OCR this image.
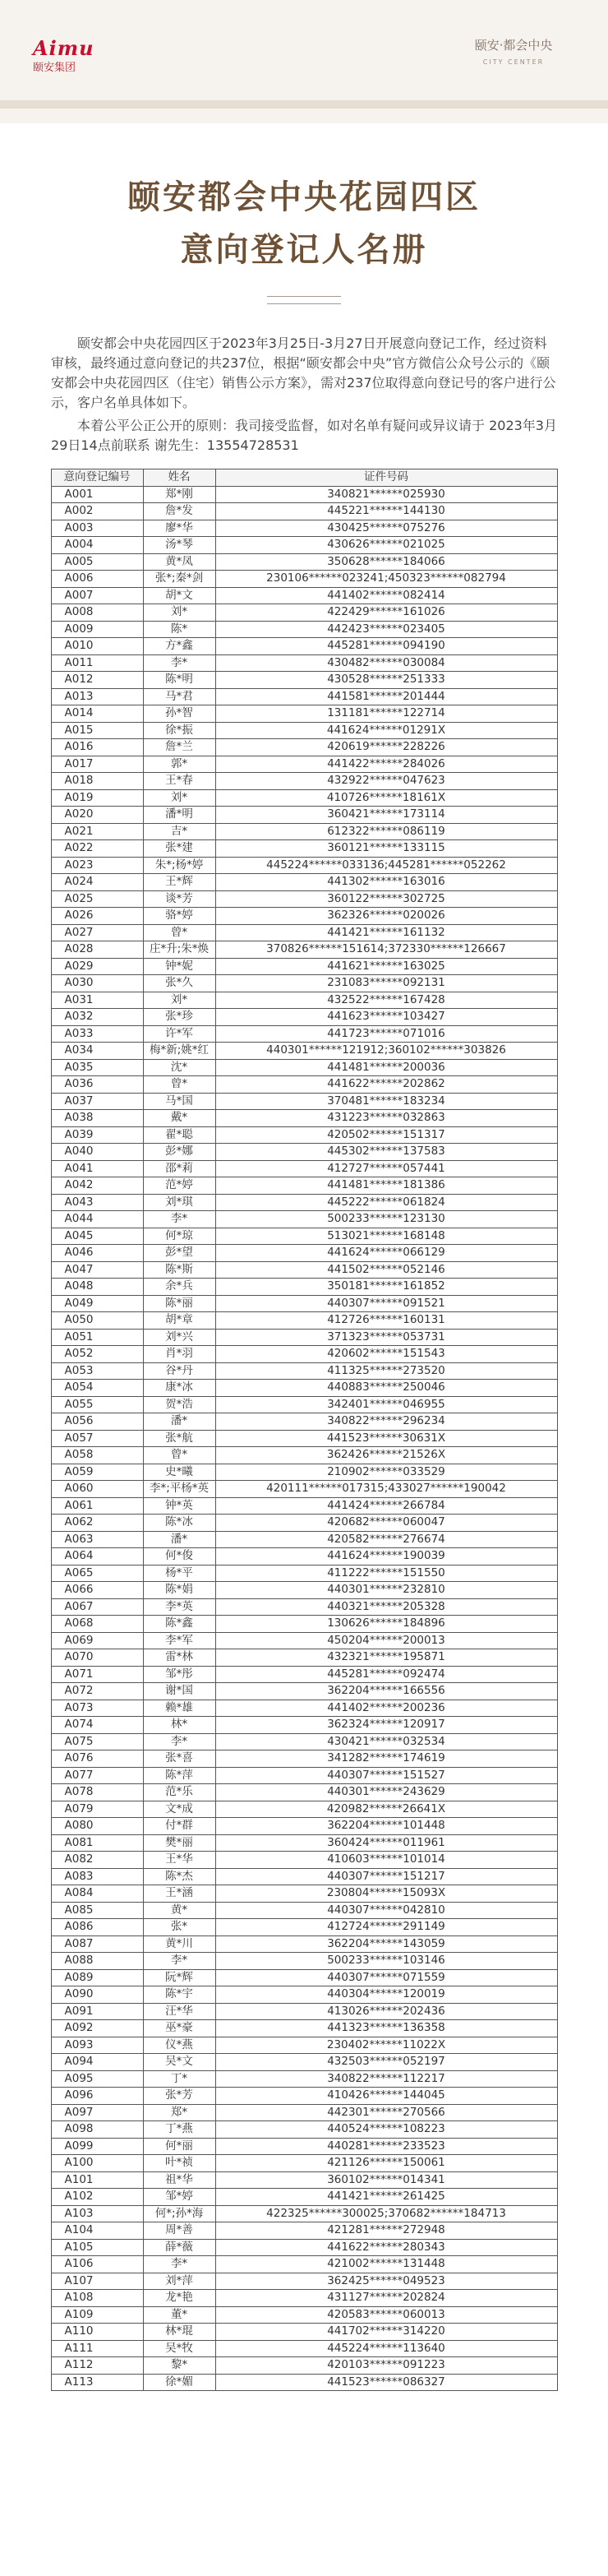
Aimu
颐安集团
颐安·都会中央
CITY CENTER
颐安都会中央花园四区
意向登记人名册

颐安都会中央花园四区于2023年3月25日-3月27日开展意向登记工作，经过资料审核，最终通过意向登记的共237位，根据“颐安都会中央”官方微信公众号公示的《颐安都会中央花园四区（住宅）销售公示方案》，需对237位取得意向登记号的客户进行公示，客户名单具体如下。

本着公平公正公开的原则：我司接受监督，如对名单有疑问或异议请于 2023年3月29日14点前联系 谢先生：13554728531

意向登记编号	姓名	证件号码
A001	郑*刚	340821******025930
A002	詹*发	445221******144130
A003	廖*华	430425******075276
A004	汤*琴	430626******021025
A005	黄*凤	350628******184066
A006	张*;秦*剑	230106******023241;450323******082794
A007	胡*文	441402******082414
A008	刘*	422429******161026
A009	陈*	442423******023405
A010	方*鑫	445281******094190
A011	李*	430482******030084
A012	陈*明	430528******251333
A013	马*君	441581******201444
A014	孙*智	131181******122714
A015	徐*振	441624******01291X
A016	詹*兰	420619******228226
A017	郭*	441422******284026
A018	王*春	432922******047623
A019	刘*	410726******18161X
A020	潘*明	360421******173114
A021	吉*	612322******086119
A022	张*建	360121******133115
A023	朱*;杨*婷	445224******033136;445281******052262
A024	王*辉	441302******163016
A025	谈*芳	360122******302725
A026	骆*婷	362326******020026
A027	曾*	441421******161132
A028	庄*升;朱*焕	370826******151614;372330******126667
A029	钟*妮	441621******163025
A030	张*久	231083******092131
A031	刘*	432522******167428
A032	张*珍	441623******103427
A033	许*军	441723******071016
A034	梅*新;姚*红	440301******121912;360102******303826
A035	沈*	441481******200036
A036	曾*	441622******202862
A037	马*国	370481******183234
A038	戴*	431223******032863
A039	翟*聪	420502******151317
A040	彭*娜	445302******137583
A041	邵*莉	412727******057441
A042	范*婷	441481******181386
A043	刘*琪	445222******061824
A044	李*	500233******123130
A045	何*琼	513021******168148
A046	彭*望	441624******066129
A047	陈*斯	441502******052146
A048	余*兵	350181******161852
A049	陈*丽	440307******091521
A050	胡*章	412726******160131
A051	刘*兴	371323******053731
A052	肖*羽	420602******151543
A053	谷*丹	411325******273520
A054	康*冰	440883******250046
A055	贺*浩	342401******046955
A056	潘*	340822******296234
A057	张*航	441523******30631X
A058	曾*	362426******21526X
A059	史*曦	210902******033529
A060	李*;平杨*英	420111******017315;433027******190042
A061	钟*英	441424******266784
A062	陈*冰	420682******060047
A063	潘*	420582******276674
A064	何*俊	441624******190039
A065	杨*平	411222******151550
A066	陈*娟	440301******232810
A067	李*英	440321******205328
A068	陈*鑫	130626******184896
A069	李*军	450204******200013
A070	雷*林	432321******195871
A071	邹*彤	445281******092474
A072	谢*国	362204******166556
A073	赖*雄	441402******200236
A074	林*	362324******120917
A075	李*	430421******032534
A076	张*喜	341282******174619
A077	陈*萍	440307******151527
A078	范*乐	440301******243629
A079	文*成	420982******26641X
A080	付*群	362204******101448
A081	樊*丽	360424******011961
A082	王*华	410603******101014
A083	陈*杰	440307******151217
A084	王*涵	230804******15093X
A085	黄*	440307******042810
A086	张*	412724******291149
A087	黄*川	362204******143059
A088	李*	500233******103146
A089	阮*辉	440307******071559
A090	陈*宇	440304******120019
A091	汪*华	413026******202436
A092	巫*豪	441323******136358
A093	仪*燕	230402******11022X
A094	吴*文	432503******052197
A095	丁*	340822******112217
A096	张*芳	410426******144045
A097	郑*	442301******270566
A098	丁*燕	440524******108223
A099	何*丽	440281******233523
A100	叶*祯	421126******150061
A101	祖*华	360102******014341
A102	邹*婷	441421******261425
A103	何*;孙*海	422325******300025;370682******184713
A104	周*善	421281******272948
A105	薛*薇	441622******280343
A106	李*	421002******131448
A107	刘*萍	362425******049523
A108	龙*艳	431127******202824
A109	董*	420583******060013
A110	林*琨	441702******314220
A111	吴*牧	445224******113640
A112	黎*	420103******091223
A113	徐*媚	441523******086327
